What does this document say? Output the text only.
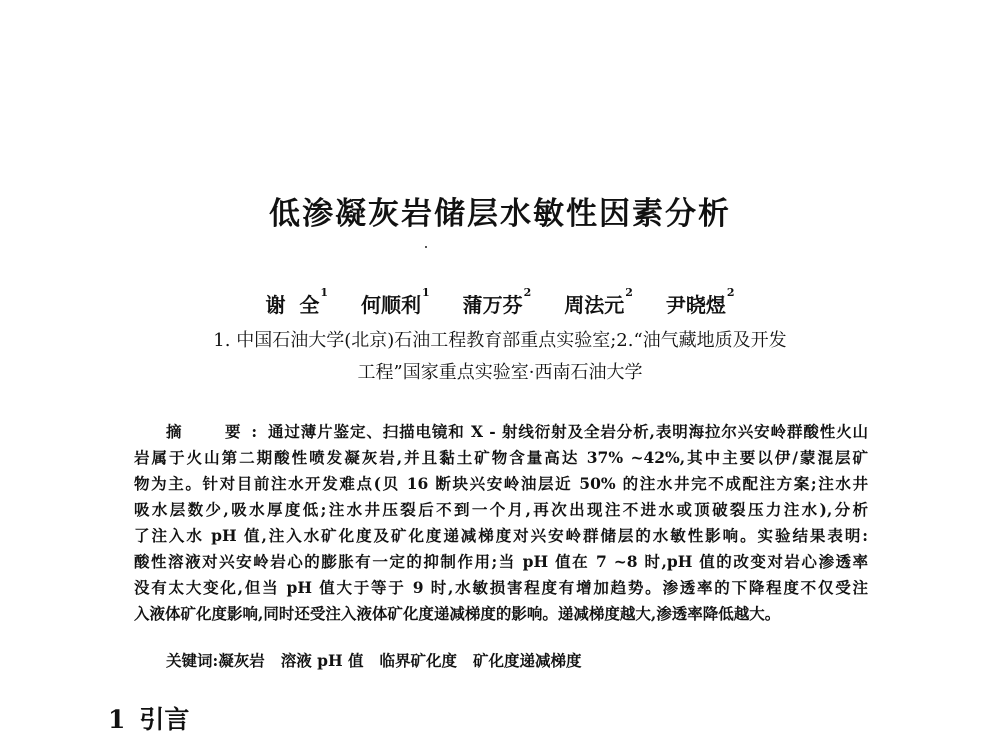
低渗凝灰岩储层水敏性因素分析
谢  全$^1$ 何顺利$^1$ 蒲万芬$^2$ 周法元$^2$ 尹晓煜$^2$
1. 中国石油大学(北京)石油工程教育部重点实验室;2.“油气藏地质及开发
工程”国家重点实验室·西南石油大学
摘  要:通过薄片鉴定、扫描电镜和 X - 射线衍射及全岩分析,表明海拉尔兴安岭群酸性火山
岩属于火山第二期酸性喷发凝灰岩,并且黏土矿物含量高达 37% ~42%,其中主要以伊/蒙混层矿
物为主。针对目前注水开发难点(贝 16 断块兴安岭油层近 50% 的注水井完不成配注方案;注水井
吸水层数少,吸水厚度低;注水井压裂后不到一个月,再次出现注不进水或顶破裂压力注水),分析
了注入水 pH 值,注入水矿化度及矿化度递减梯度对兴安岭群储层的水敏性影响。实验结果表明:
酸性溶液对兴安岭岩心的膨胀有一定的抑制作用;当 pH 值在 7 ~8 时,pH 值的改变对岩心渗透率
没有太大变化,但当 pH 值大于等于 9 时,水敏损害程度有增加趋势。渗透率的下降程度不仅受注
入液体矿化度影响,同时还受注入液体矿化度递减梯度的影响。递减梯度越大,渗透率降低越大。
关键词:凝灰岩 溶液 pH 值 临界矿化度 矿化度递减梯度
1 引言
